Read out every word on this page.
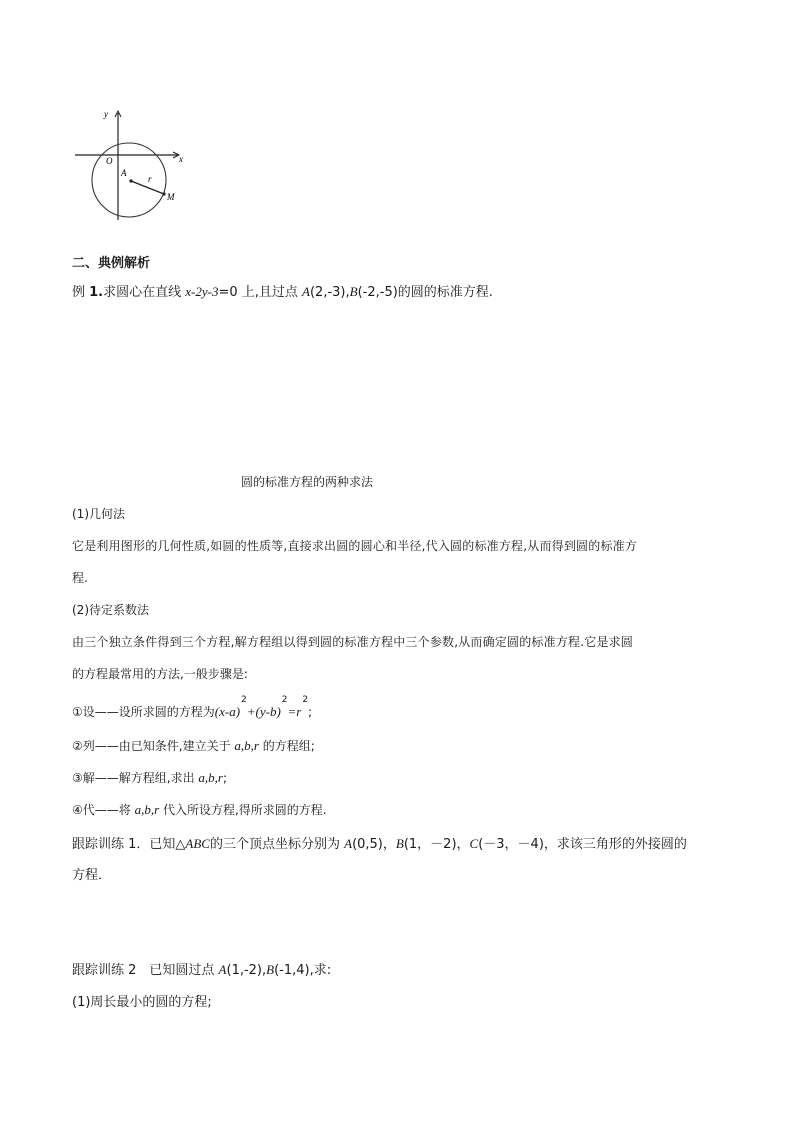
y
x
O
A
r
M
二、典例解析
例 1.求圆心在直线 x-2y-3=0 上,且过点 A(2,-3),B(-2,-5)的圆的标准方程.
圆的标准方程的两种求法
(1)几何法
它是利用图形的几何性质,如圆的性质等,直接求出圆的圆心和半径,代入圆的标准方程,从而得到圆的标准方
程.
(2)待定系数法
由三个独立条件得到三个方程,解方程组以得到圆的标准方程中三个参数,从而确定圆的标准方程.它是求圆
的方程最常用的方法,一般步骤是:
①设——设所求圆的方程为$(x-a)^2+(y-b)^2=r^2$;
②列——由已知条件,建立关于 a,b,r 的方程组;
③解——解方程组,求出 a,b,r;
④代——将 a,b,r 代入所设方程,得所求圆的方程.
跟踪训练 1．已知△ABC的三个顶点坐标分别为 A(0,5)，B(1，－2)，C(－3，－4)，求该三角形的外接圆的
方程．
跟踪训练 2　已知圆过点 A(1,-2),B(-1,4),求:
(1)周长最小的圆的方程;
